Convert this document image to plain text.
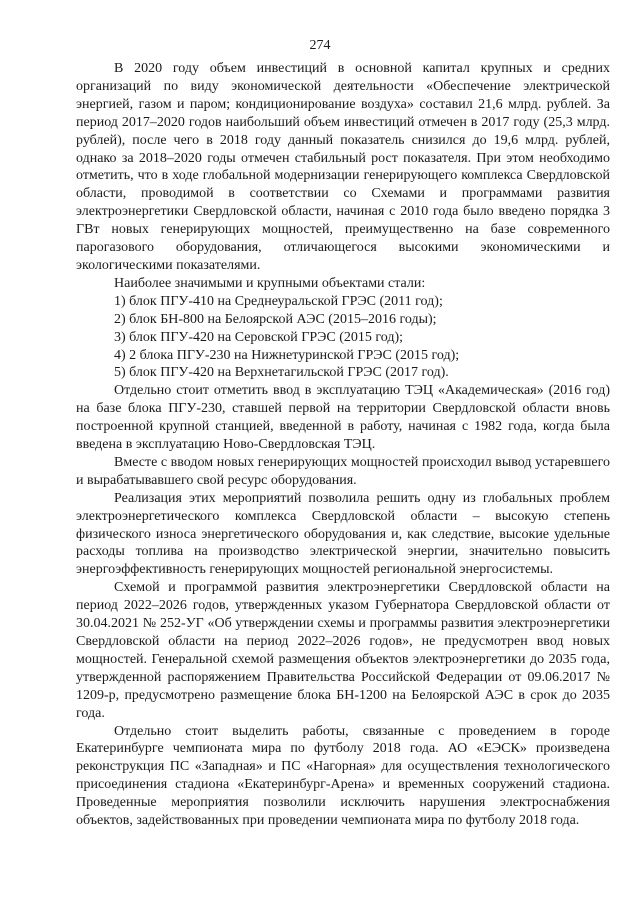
274

В 2020 году объем инвестиций в основной капитал крупных и средних организаций по виду экономической деятельности «Обеспечение электрической энергией, газом и паром; кондиционирование воздуха» составил 21,6 млрд. рублей. За период 2017–2020 годов наибольший объем инвестиций отмечен в 2017 году (25,3 млрд. рублей), после чего в 2018 году данный показатель снизился до 19,6 млрд. рублей, однако за 2018–2020 годы отмечен стабильный рост показателя. При этом необходимо отметить, что в ходе глобальной модернизации генерирующего комплекса Свердловской области, проводимой в соответствии со Схемами и программами развития электроэнергетики Свердловской области, начиная с 2010 года было введено порядка 3 ГВт новых генерирующих мощностей, преимущественно на базе современного парогазового оборудования, отличающегося высокими экономическими и экологическими показателями.

Наиболее значимыми и крупными объектами стали:

1) блок ПГУ-410 на Среднеуральской ГРЭС (2011 год);

2) блок БН-800 на Белоярской АЭС (2015–2016 годы);

3) блок ПГУ-420 на Серовской ГРЭС (2015 год);

4) 2 блока ПГУ-230 на Нижнетуринской ГРЭС (2015 год);

5) блок ПГУ-420 на Верхнетагильской ГРЭС (2017 год).

Отдельно стоит отметить ввод в эксплуатацию ТЭЦ «Академическая» (2016 год) на базе блока ПГУ-230, ставшей первой на территории Свердловской области вновь построенной крупной станцией, введенной в работу, начиная с 1982 года, когда была введена в эксплуатацию Ново-Свердловская ТЭЦ.

Вместе с вводом новых генерирующих мощностей происходил вывод устаревшего и вырабатывавшего свой ресурс оборудования.

Реализация этих мероприятий позволила решить одну из глобальных проблем электроэнергетического комплекса Свердловской области – высокую степень физического износа энергетического оборудования и, как следствие, высокие удельные расходы топлива на производство электрической энергии, значительно повысить энергоэффективность генерирующих мощностей региональной энергосистемы.

Схемой и программой развития электроэнергетики Свердловской области на период 2022–2026 годов, утвержденных указом Губернатора Свердловской области от 30.04.2021 № 252-УГ «Об утверждении схемы и программы развития электроэнергетики Свердловской области на период 2022–2026 годов», не предусмотрен ввод новых мощностей. Генеральной схемой размещения объектов электроэнергетики до 2035 года, утвержденной распоряжением Правительства Российской Федерации от 09.06.2017 № 1209-р, предусмотрено размещение блока БН-1200 на Белоярской АЭС в срок до 2035 года.

Отдельно стоит выделить работы, связанные с проведением в городе Екатеринбурге чемпионата мира по футболу 2018 года. АО «ЕЭСК» произведена реконструкция ПС «Западная» и ПС «Нагорная» для осуществления технологического присоединения стадиона «Екатеринбург-Арена» и временных сооружений стадиона. Проведенные мероприятия позволили исключить нарушения электроснабжения объектов, задействованных при проведении чемпионата мира по футболу 2018 года.
